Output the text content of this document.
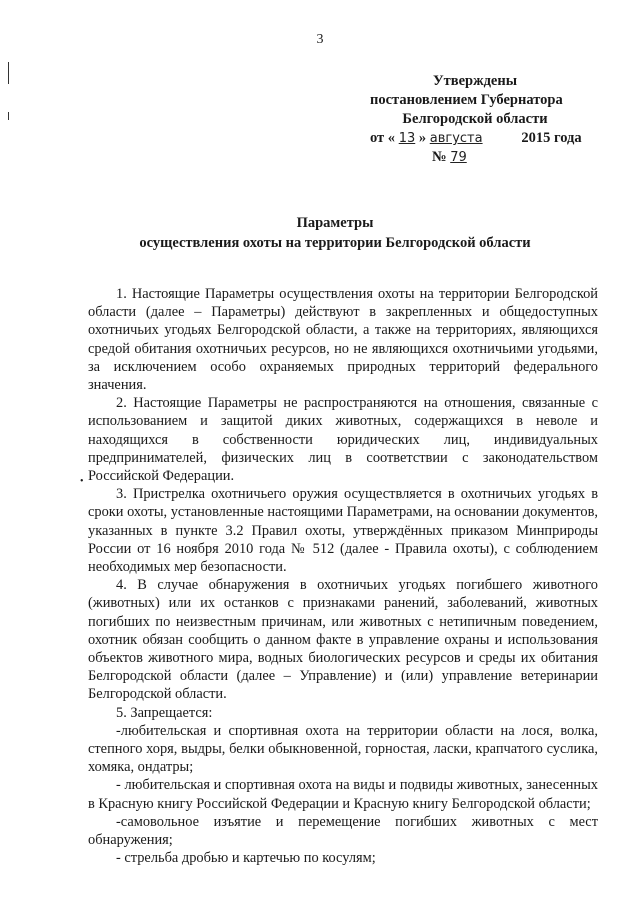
3
Утверждены
постановлением Губернатора
Белгородской области
от « 13 » августа	2015 года
№ 79
Параметры
осуществления охоты на территории Белгородской области
•

1. Настоящие Параметры осуществления охоты на территории Белгородской области (далее – Параметры) действуют в закрепленных и общедоступных охотничьих угодьях Белгородской области, а также на территориях, являющихся средой обитания охотничьих ресурсов, но не являющихся охотничьими угодьями, за исключением особо охраняемых природных территорий федерального значения.

2. Настоящие Параметры не распространяются на отношения, связанные с использованием и защитой диких животных, содержащихся в неволе и находящихся в собственности юридических лиц, индивидуальных предпринимателей, физических лиц в соответствии с законодательством Российской Федерации.

3. Пристрелка охотничьего оружия осуществляется в охотничьих угодьях в сроки охоты, установленные настоящими Параметрами, на основании документов, указанных в пункте 3.2 Правил охоты, утверждённых приказом Минприроды России от 16 ноября 2010 года № 512 (далее - Правила охоты), с соблюдением необходимых мер безопасности.

4. В случае обнаружения в охотничьих угодьях погибшего животного (животных) или их останков с признаками ранений, заболеваний, животных погибших по неизвестным причинам, или животных с нетипичным поведением, охотник обязан сообщить о данном факте в управление охраны и использования объектов животного мира, водных биологических ресурсов и среды их обитания Белгородской области (далее – Управление) и (или) управление ветеринарии Белгородской области.

5. Запрещается:

-любительская и спортивная охота на территории области на лося, волка, степного хоря, выдры, белки обыкновенной, горностая, ласки, крапчатого суслика, хомяка, ондатры;

- любительская и спортивная охота на виды и подвиды животных, занесенных в Красную книгу Российской Федерации и Красную книгу Белгородской области;

-самовольное изъятие и перемещение погибших животных с мест обнаружения;

- стрельба дробью и картечью по косулям;
